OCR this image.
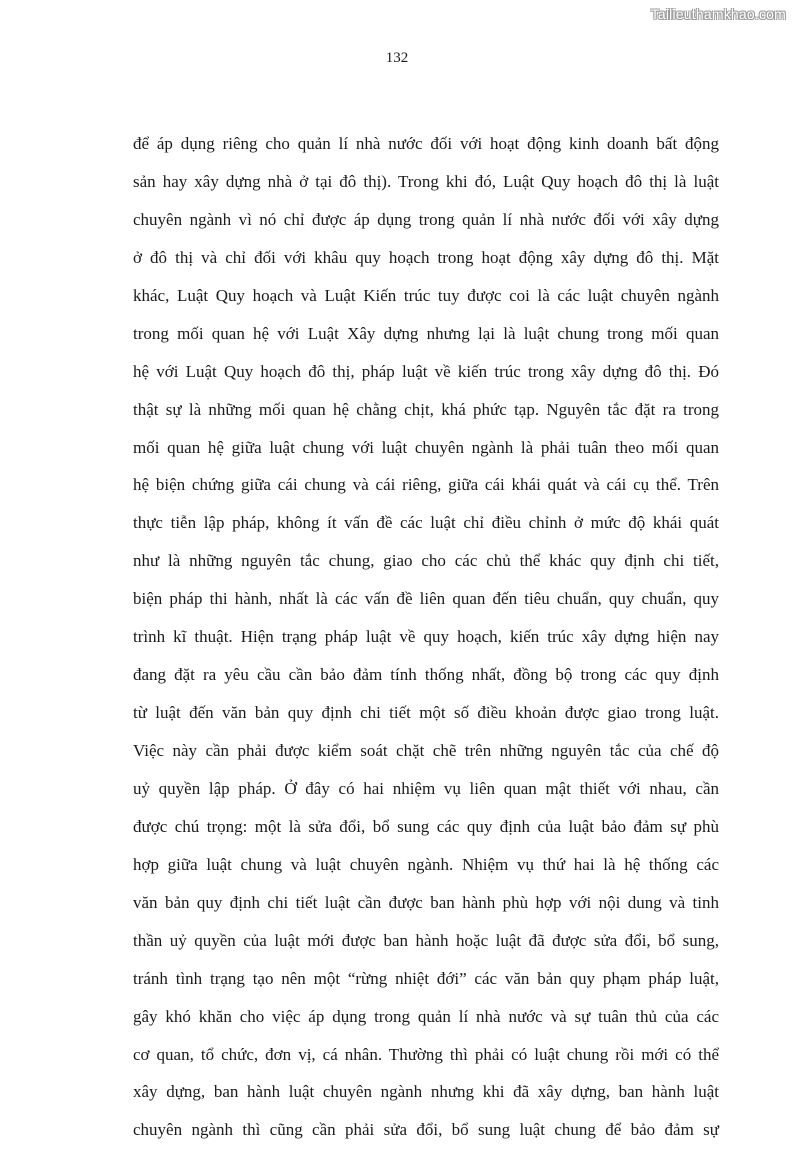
Tailieuthamkhao.com
132
để áp dụng riêng cho quản lí nhà nước đối với hoạt động kinh doanh bất động
sản hay xây dựng nhà ở tại đô thị). Trong khi đó, Luật Quy hoạch đô thị là luật
chuyên ngành vì nó chỉ được áp dụng trong quản lí nhà nước đối với xây dựng
ở đô thị và chỉ đối với khâu quy hoạch trong hoạt động xây dựng đô thị. Mặt
khác, Luật Quy hoạch và Luật Kiến trúc tuy được coi là các luật chuyên ngành
trong mối quan hệ với Luật Xây dựng nhưng lại là luật chung trong mối quan
hệ với Luật Quy hoạch đô thị, pháp luật về kiến trúc trong xây dựng đô thị. Đó
thật sự là những mối quan hệ chằng chịt, khá phức tạp. Nguyên tắc đặt ra trong
mối quan hệ giữa luật chung với luật chuyên ngành là phải tuân theo mối quan
hệ biện chứng giữa cái chung và cái riêng, giữa cái khái quát và cái cụ thể. Trên
thực tiễn lập pháp, không ít vấn đề các luật chỉ điều chỉnh ở mức độ khái quát
như là những nguyên tắc chung, giao cho các chủ thể khác quy định chi tiết,
biện pháp thi hành, nhất là các vấn đề liên quan đến tiêu chuẩn, quy chuẩn, quy
trình kĩ thuật. Hiện trạng pháp luật về quy hoạch, kiến trúc xây dựng hiện nay
đang đặt ra yêu cầu cần bảo đảm tính thống nhất, đồng bộ trong các quy định
từ luật đến văn bản quy định chi tiết một số điều khoản được giao trong luật.
Việc này cần phải được kiểm soát chặt chẽ trên những nguyên tắc của chế độ
uỷ quyền lập pháp. Ở đây có hai nhiệm vụ liên quan mật thiết với nhau, cần
được chú trọng: một là sửa đổi, bổ sung các quy định của luật bảo đảm sự phù
hợp giữa luật chung và luật chuyên ngành. Nhiệm vụ thứ hai là hệ thống các
văn bản quy định chi tiết luật cần được ban hành phù hợp với nội dung và tinh
thần uỷ quyền của luật mới được ban hành hoặc luật đã được sửa đổi, bổ sung,
tránh tình trạng tạo nên một “rừng nhiệt đới” các văn bản quy phạm pháp luật,
gây khó khăn cho việc áp dụng trong quản lí nhà nước và sự tuân thủ của các
cơ quan, tổ chức, đơn vị, cá nhân. Thường thì phải có luật chung rồi mới có thể
xây dựng, ban hành luật chuyên ngành nhưng khi đã xây dựng, ban hành luật
chuyên ngành thì cũng cần phải sửa đổi, bổ sung luật chung để bảo đảm sự
